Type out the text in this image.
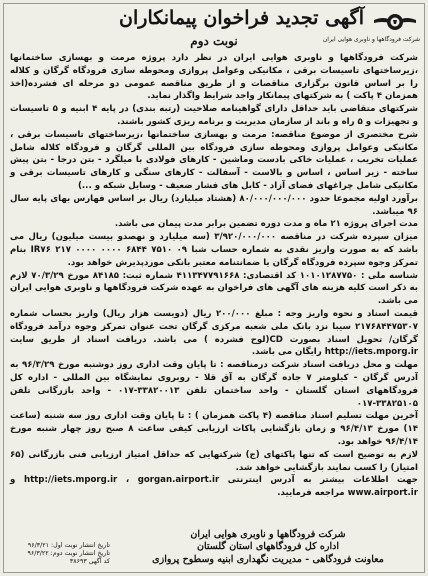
آگهی تجدید فراخوان پیمانکاران
شرکت فرودگاهها و ناوبری هوایی ایران
نوبت دوم

شرکت فرودگاهها و ناوبری هوایی ایران در نظر دارد پروژه مرمت و بهسازی ساختمانها ،زیرساختهای تاسیسات برقی ، مکانیکی وعوامل پروازی ومحوطه سازی فرودگاه گرگان و کلاله را بر اساس قانون برگزاری مناقصات و از طریق مناقصه عمومی دو مرحله ای فشرده(اخذ همزمان ۴ پاکت ) به شرکتهای پیمانکار واجد شرایط واگذار نماید.

شرکتهای متقاضی باید حداقل دارای گواهینامه صلاحیت (رتبه بندی) در پایه ۴ ابنیه و ۵ تاسیسات و تجهیزات و ۵ راه و باند از سازمان مدیریت و برنامه ریزی کشور باشند.

شرح مختصری از موضوع مناقصه: مرمت و بهسازی ساختمانها ،زیرساختهای تاسیسات برقی ، مکانیکی وعوامل پروازی ومحوطه سازی فرودگاه بین المللی گرگان و فرودگاه کلاله شامل عملیات تخریب ، عملیات خاکی بادست وماشین - کارهای فولادی با میلگرد - بتن درجا - بتن پیش ساخته - زیر اساس ، اساس و بالاست - آسفالت - کارهای سنگی و کارهای تاسیسات برقی و مکانیکی شامل چراغهای فضای آزاد - کابل های فشار ضعیف - وسایل شبکه و ...)

برآورد اولیه مجموعا حدود ۸۰/۰۰۰/۰۰۰/۰۰۰ (هشتاد میلیارد) ریال بر اساس فهارس بهای پایه سال ۹۶ میباشد.

مدت اجرای پروژه ۲۱ ماه و مدت دوره تضمین برابر مدت پیمان می باشد.

میزان سپرده شرکت در مناقصه ۳/۹۲۰/۰۰۰/۰۰۰ (سه میلیارد و نهصدو بیست میلیون) ریال می باشد که به صورت واریز نقدی به شماره حساب شبا ۰۹ ۷۵۱۰ ۶۸۴۴ ۰۰۰۰ ۰۰۰۰ ۲۱۷ IR۷۶ بنام تمرکز وجوه سپرده فرودگاه گرگان یا ضمانتنامه معتبر بانکی موردپذیرش خواهد بود.

شناسه ملی : ۱۰۱۰۱۲۸۷۷۵۰ کد اقتصادی: ۴۱۱۳۴۷۷۹۱۶۶۸ شماره ثبت: ۸۴۱۸۵ مورخ ۷۰/۳/۲۹ لازم به ذکر است کلیه هزینه های آگهی های فراخوان به عهده شرکت فرودگاهها و ناوبری هوایی ایران می باشد.

قیمت اسناد و نحوه واریز وجه : مبلغ ۲۰۰/۰۰۰ ریال (دویست هزار ریال) واریز بحساب شماره ۲۱۷۶۸۴۴۷۵۳۰۷ سیبا نزد بانک ملی شعبه مرکزی گرگان تحت عنوان تمرکز وجوه درآمد فرودگاه گرگان/ تحویل اسناد بصورت CD(لوح فشرده ) می باشد. دریافت اسناد از طریق سایت http://iets.mporg.ir رایگان می باشد.

مهلت و محل دریافت اسناد شرکت درمناقصه : تا پایان وقت اداری روز دوشنبه مورخ ۹۶/۳/۲۹ به آدرس گرگان - کیلومتر ۷ جاده گرگان به آق قلا - روبروی نمایشگاه بین المللی - اداره کل فرودگاههای استان گلستان - واحد ساختمان تلفن ۳۳۸۲۰۰۱۳-۰۱۷ - واحد بازرگانی تلفن ۳۳۸۲۵۱۰۵-۰۱۷

آخرین مهلت تسلیم اسناد مناقصه (۴ پاکت همزمان ) : تا پایان وقت اداری روز سه شنبه (ساعت ۱۴) مورخ ۹۶/۴/۱۳ و زمان بازگشایی پاکات ارزیابی کیفی ساعت ۸ صبح روز چهار شنبه مورخ ۹۶/۴/۱۴ خواهد بود.

لازم به توضیح است که تنها پاکتهای (ج) شرکتهایی که حداقل امتیاز ارزیابی فنی بازرگانی (۶۵ امتیاز) را کسب نمایند بازگشایی خواهد شد.

جهت اطلاعات بیشتر به آدرس اینترنتی http://iets.mporg.ir ، gorgan.airport.ir و www.airport.ir مراجعه فرمایید.

شرکت فرودگاهها و ناوبری هوایی ایران
اداره کل فرودگاههای استان گلستان
معاونت فرودگاهی - مدیریت نگهداری ابنیه وسطوح پروازی
تاریخ انتشار نوبت اول: ۹۶/۳/۲۱
تاریخ انتشار نوبت دوم: ۹۶/۳/۲۲
کد آگهی ۳۸۶۹۳
